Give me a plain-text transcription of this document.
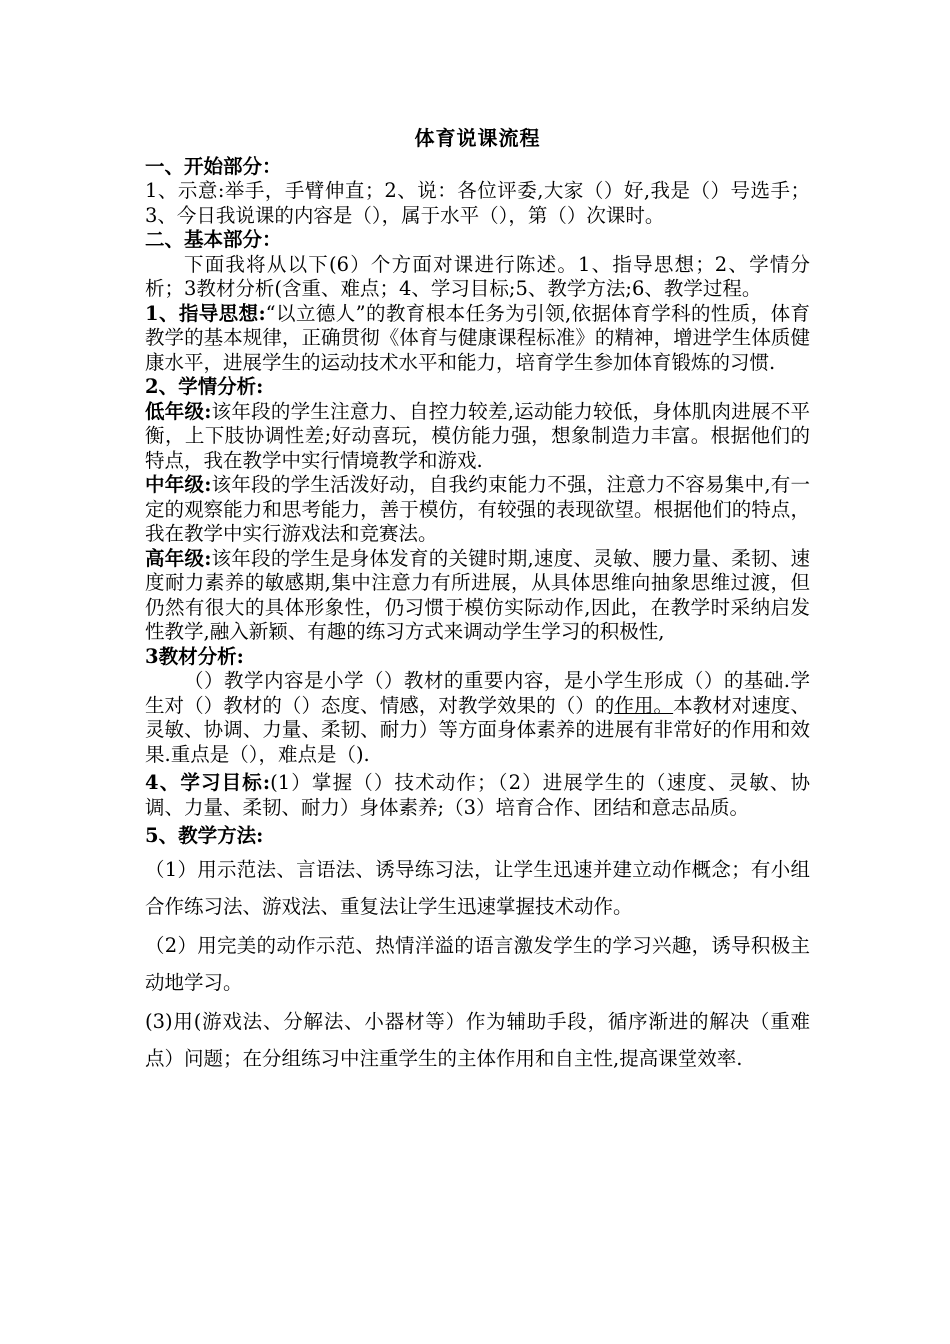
体育说课流程
一、开始部分：

1、示意:举手，手臂伸直；2、说：各位评委,大家（）好,我是（）号选手；3、今日我说课的内容是（），属于水平（），第（）次课时。

二、基本部分：

下面我将从以下(6）个方面对课进行陈述。1、指导思想；2、学情分析；3教材分析(含重、难点；4、学习目标;5、教学方法;6、教学过程。

1、指导思想:“以立德人”的教育根本任务为引领,依据体育学科的性质，体育教学的基本规律，正确贯彻《体育与健康课程标准》的精神，增进学生体质健康水平，进展学生的运动技术水平和能力，培育学生参加体育锻炼的习惯.

2、学情分析:

低年级:该年段的学生注意力、自控力较差,运动能力较低，身体肌肉进展不平衡，上下肢协调性差;好动喜玩，模仿能力强，想象制造力丰富。根据他们的特点，我在教学中实行情境教学和游戏.

中年级:该年段的学生活泼好动，自我约束能力不强，注意力不容易集中,有一定的观察能力和思考能力，善于模仿，有较强的表现欲望。根据他们的特点，我在教学中实行游戏法和竞赛法。

高年级:该年段的学生是身体发育的关键时期,速度、灵敏、腰力量、柔韧、速度耐力素养的敏感期,集中注意力有所进展，从具体思维向抽象思维过渡，但仍然有很大的具体形象性，仍习惯于模仿实际动作,因此，在教学时采纳启发性教学,融入新颖、有趣的练习方式来调动学生学习的积极性,

3教材分析:

（）教学内容是小学（）教材的重要内容，是小学生形成（）的基础.学生对（）教材的（）态度、情感，对教学效果的（）的作用。本教材对速度、灵敏、协调、力量、柔韧、耐力）等方面身体素养的进展有非常好的作用和效果.重点是（），难点是（).

4、学习目标:(1）掌握（）技术动作；（2）进展学生的（速度、灵敏、协调、力量、柔韧、耐力）身体素养;（3）培育合作、团结和意志品质。

5、教学方法:

（1）用示范法、言语法、诱导练习法，让学生迅速并建立动作概念；有小组合作练习法、游戏法、重复法让学生迅速掌握技术动作。

（2）用完美的动作示范、热情洋溢的语言激发学生的学习兴趣，诱导积极主动地学习。

(3)用(游戏法、分解法、小器材等）作为辅助手段，循序渐进的解决（重难点）问题；在分组练习中注重学生的主体作用和自主性,提高课堂效率.
